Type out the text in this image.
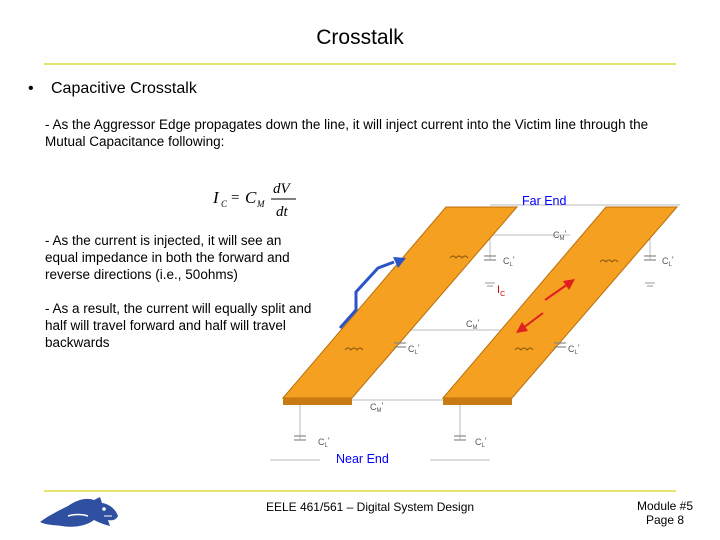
Crosstalk
• Capacitive Crosstalk
- As the Aggressor Edge propagates down the line, it will inject current into the Victim line through the Mutual Capacitance following:
- As the current is injected, it will see an equal impedance in both the forward and reverse directions (i.e., 50ohms)
- As a result, the current will equally split and half will travel forward and half will travel backwards
I C = C M
dV
dt
$C_M'$
$C_L'$	$C_L'$
$C_M'$
$C_L'$	$C_L'$
$C_M'$
$C_L'$	$C_L'$
Far End
Near End
$I_C$
EELE 461/561 – Digital System Design	Module #5
Page 8
